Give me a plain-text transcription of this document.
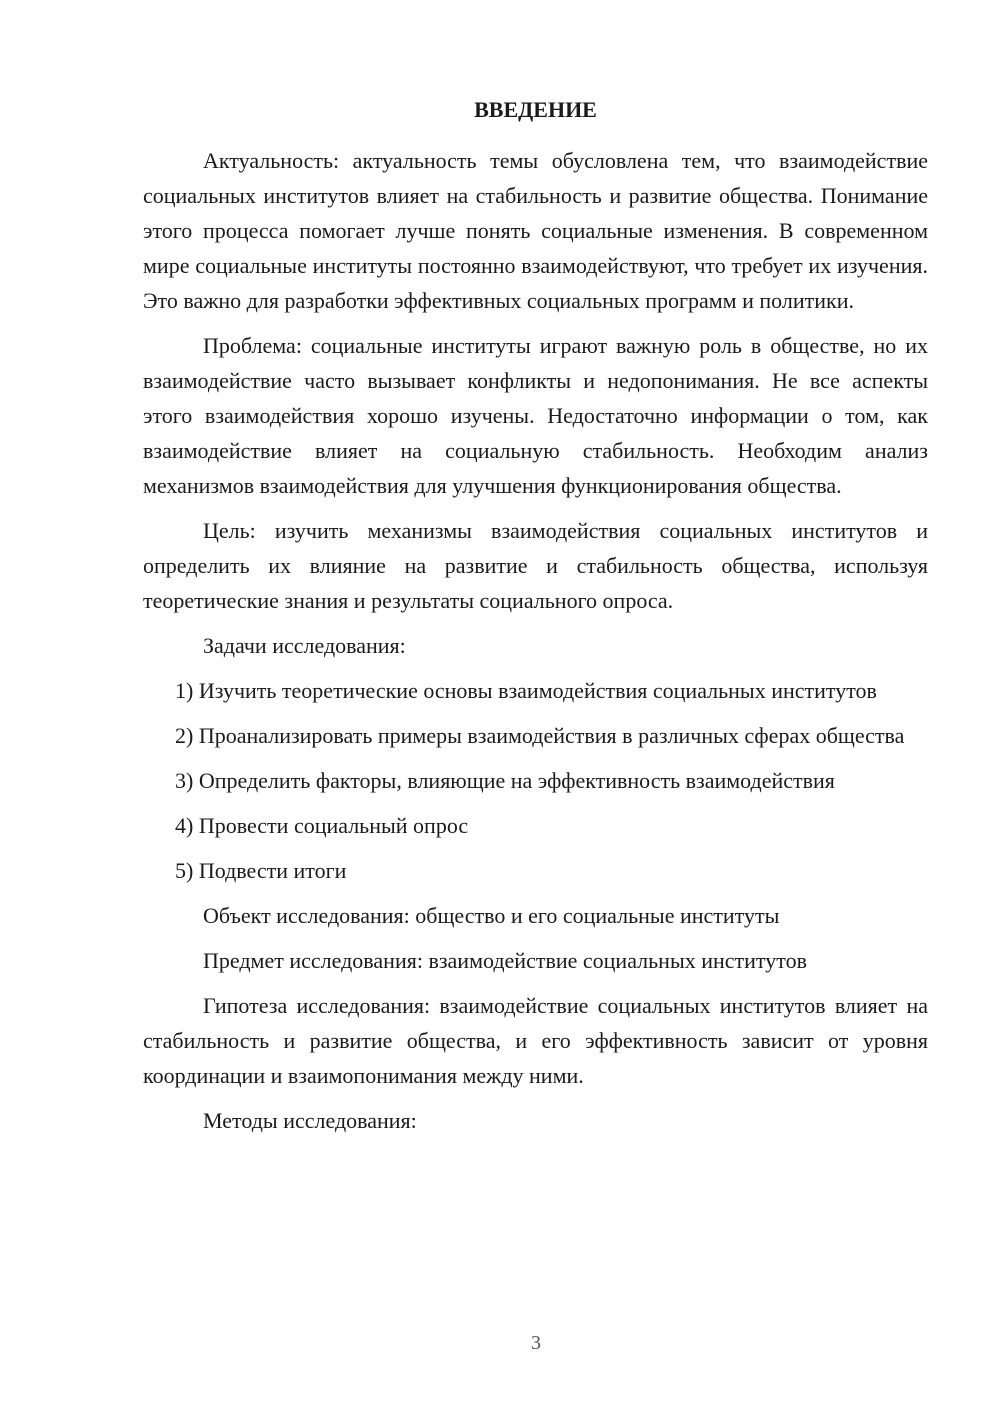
ВВЕДЕНИЕ

Актуальность: актуальность темы обусловлена тем, что взаимодействие социальных институтов влияет на стабильность и развитие общества. Понимание этого процесса помогает лучше понять социальные изменения. В современном мире социальные институты постоянно взаимодействуют, что требует их изучения. Это важно для разработки эффективных социальных программ и политики.

Проблема: социальные институты играют важную роль в обществе, но их взаимодействие часто вызывает конфликты и недопонимания. Не все аспекты этого взаимодействия хорошо изучены. Недостаточно информации о том, как взаимодействие влияет на социальную стабильность. Необходим анализ механизмов взаимодействия для улучшения функционирования общества.

Цель: изучить механизмы взаимодействия социальных институтов и определить их влияние на развитие и стабильность общества, используя теоретические знания и результаты социального опроса.

Задачи исследования:

1) Изучить теоретические основы взаимодействия социальных институтов

2) Проанализировать примеры взаимодействия в различных сферах общества

3) Определить факторы, влияющие на эффективность взаимодействия

4) Провести социальный опрос

5) Подвести итоги

Объект исследования: общество и его социальные институты

Предмет исследования: взаимодействие социальных институтов

Гипотеза исследования: взаимодействие социальных институтов влияет на стабильность и развитие общества, и его эффективность зависит от уровня координации и взаимопонимания между ними.

Методы исследования:

3
